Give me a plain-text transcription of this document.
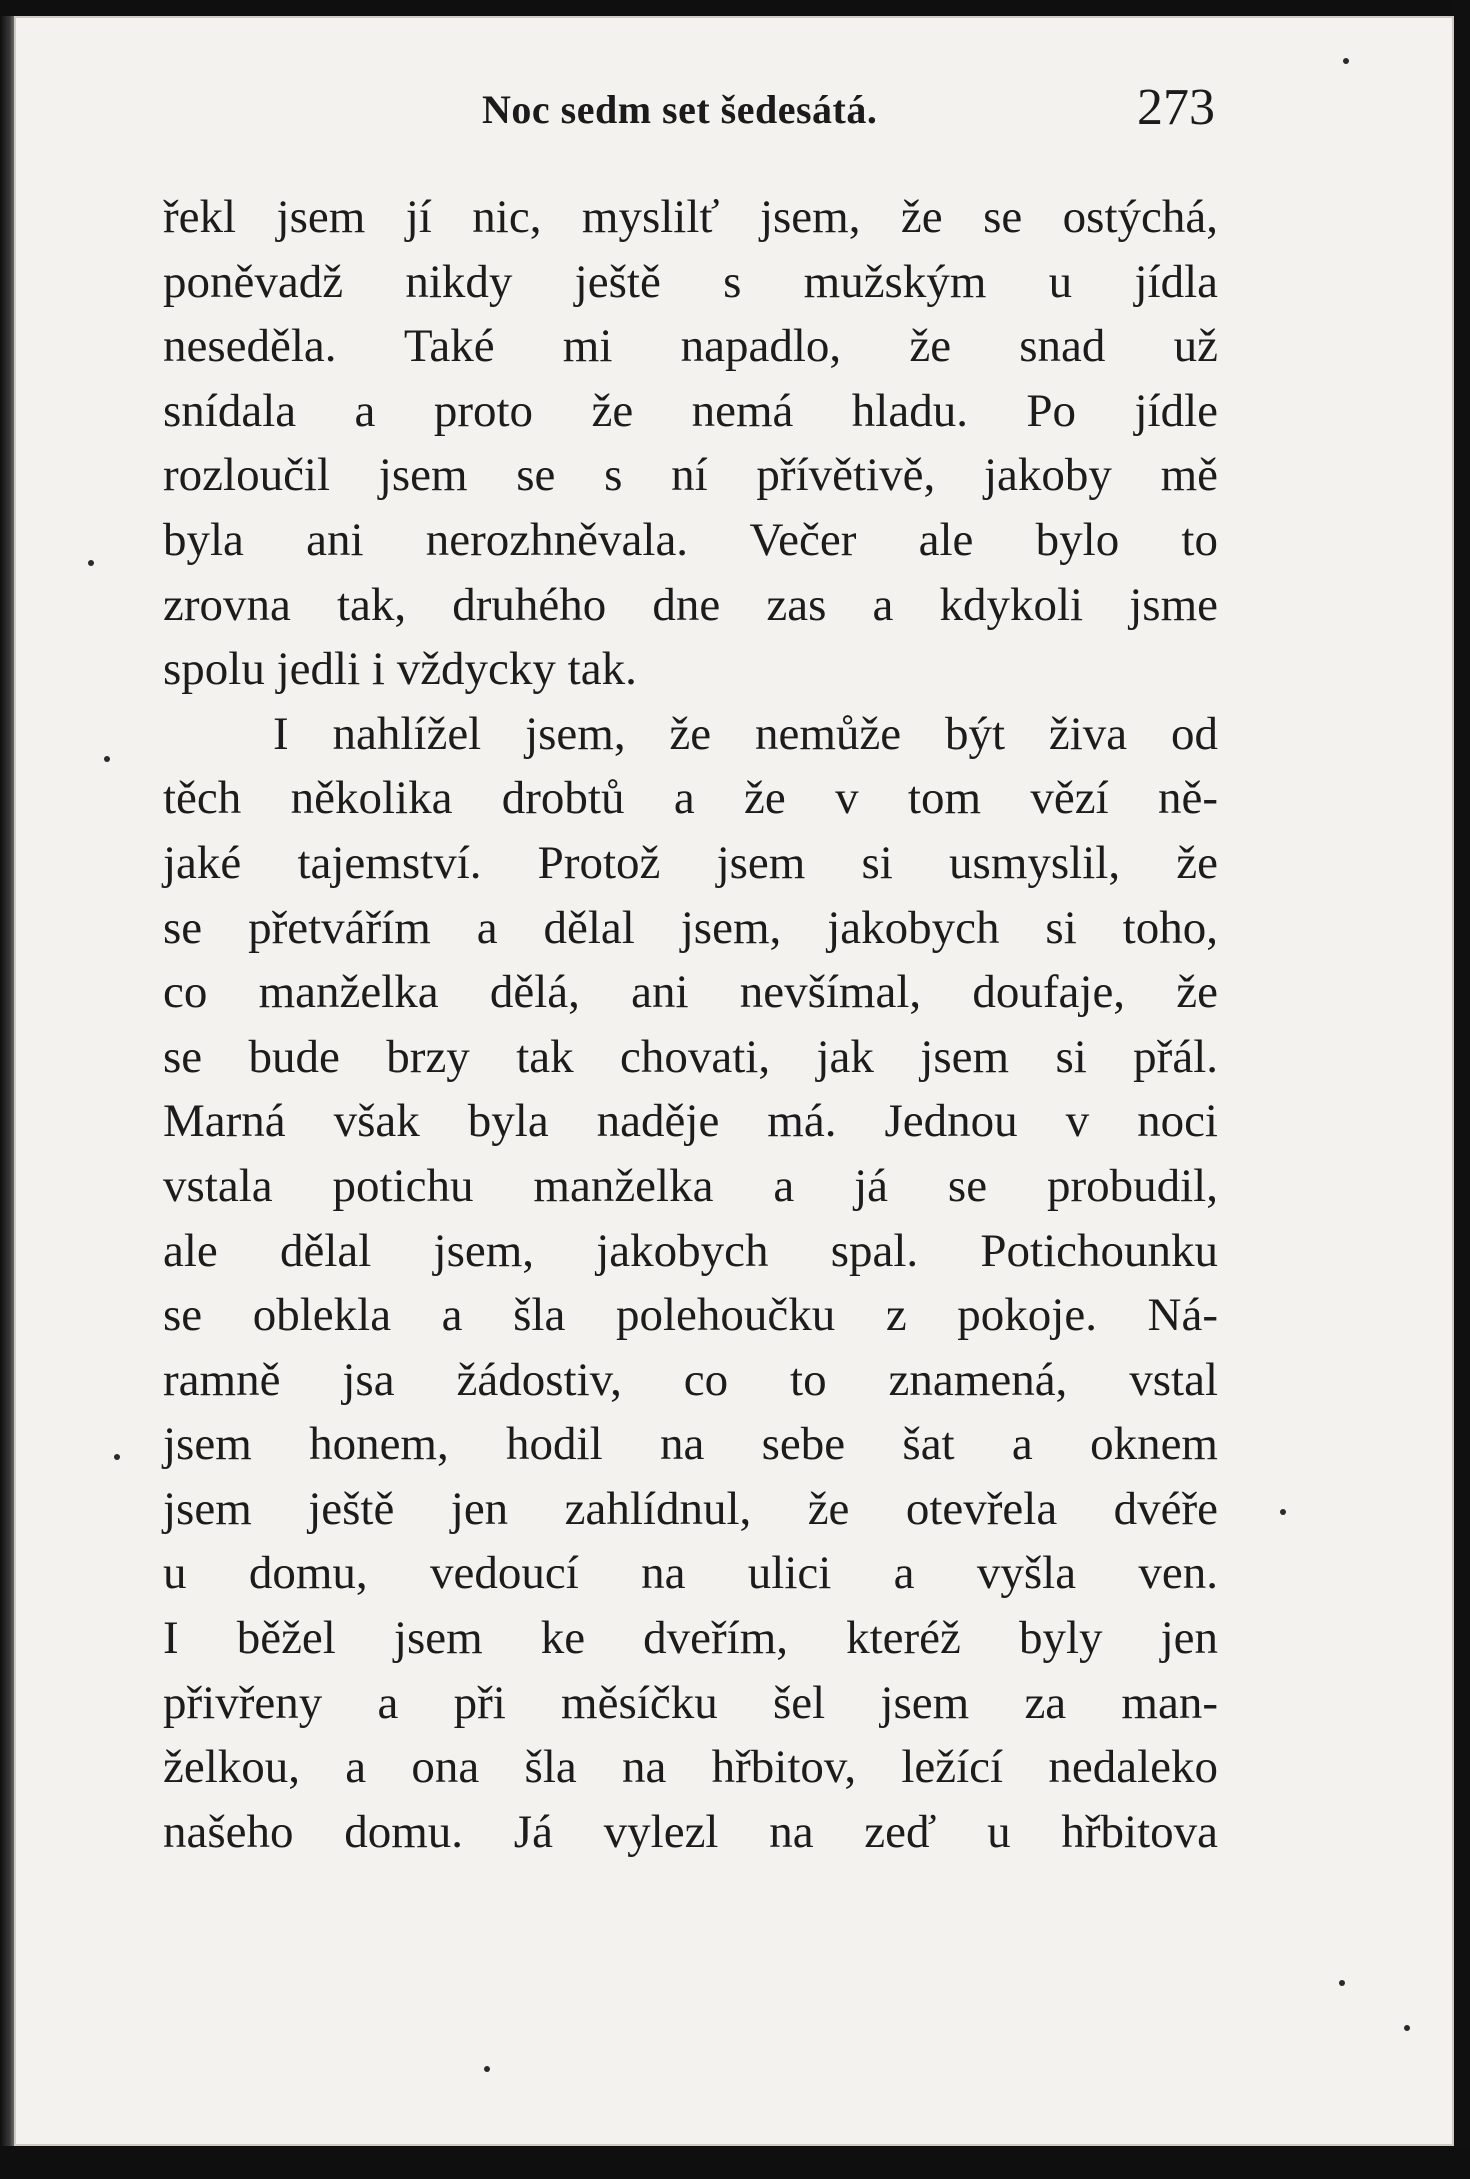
Noc sedm set šedesátá.	273
řekl jsem jí nic, myslilť jsem, že se ostýchá,
poněvadž nikdy ještě s mužským u jídla
neseděla. Také mi napadlo, že snad už
snídala a proto že nemá hladu. Po jídle
rozloučil jsem se s ní přívětivě, jakoby mě
byla ani nerozhněvala. Večer ale bylo to
zrovna tak, druhého dne zas a kdykoli jsme
spolu jedli i vždycky tak.
I nahlížel jsem, že nemůže být živa od
těch několika drobtů a že v tom vězí ně-
jaké tajemství. Protož jsem si usmyslil, že
se přetvářím a dělal jsem, jakobych si toho,
co manželka dělá, ani nevšímal, doufaje, že
se bude brzy tak chovati, jak jsem si přál.
Marná však byla naděje má. Jednou v noci
vstala potichu manželka a já se probudil,
ale dělal jsem, jakobych spal. Potichounku
se oblekla a šla polehoučku z pokoje. Ná-
ramně jsa žádostiv, co to znamená, vstal
jsem honem, hodil na sebe šat a oknem
jsem ještě jen zahlídnul, že otevřela dvéře
u domu, vedoucí na ulici a vyšla ven.
I běžel jsem ke dveřím, kteréž byly jen
přivřeny a při měsíčku šel jsem za man-
želkou, a ona šla na hřbitov, ležící nedaleko
našeho domu. Já vylezl na zeď u hřbitova
